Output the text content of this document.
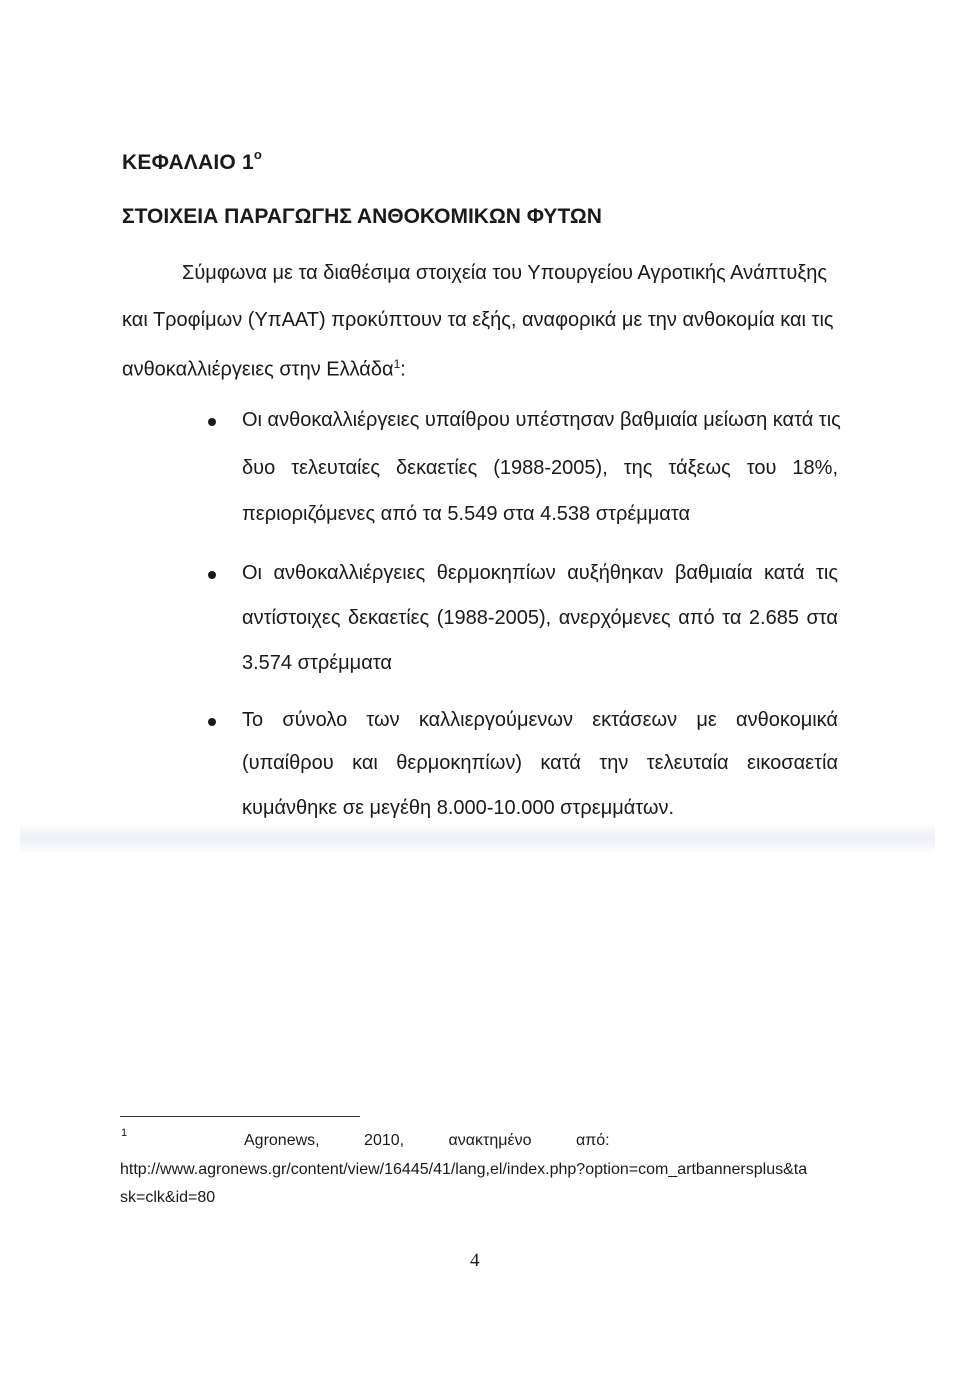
ΚΕΦΑΛΑΙΟ $1^o$
ΣΤΟΙΧΕΙΑ ΠΑΡΑΓΩΓΗΣ ΑΝΘΟΚΟΜΙΚΩΝ ΦΥΤΩΝ
Σύμφωνα με τα διαθέσιμα στοιχεία του Υπουργείου Αγροτικής Ανάπτυξης
και Τροφίμων (ΥπΑΑΤ) προκύπτουν τα εξής, αναφορικά με την ανθοκομία και τις
ανθοκαλλιέργειες στην Ελλάδα$^1$:
Οι ανθοκαλλιέργειες υπαίθρου υπέστησαν βαθμιαία μείωση κατά τις
δυο τελευταίες δεκαετίες (1988-2005), της τάξεως του 18%,
περιοριζόμενες από τα 5.549 στα 4.538 στρέμματα
Οι ανθοκαλλιέργειες θερμοκηπίων αυξήθηκαν βαθμιαία κατά τις
αντίστοιχες δεκαετίες (1988-2005), ανερχόμενες από τα 2.685 στα
3.574 στρέμματα
Το σύνολο των καλλιεργούμενων εκτάσεων με ανθοκομικά
(υπαίθρου και θερμοκηπίων) κατά την τελευταία εικοσαετία
κυμάνθηκε σε μεγέθη 8.000-10.000 στρεμμάτων.
1	Agronews,          2010,          ανακτημένο          από:
http://www.agronews.gr/content/view/16445/41/lang,el/index.php?option=com_artbannersplus&ta
sk=clk&id=80
4
